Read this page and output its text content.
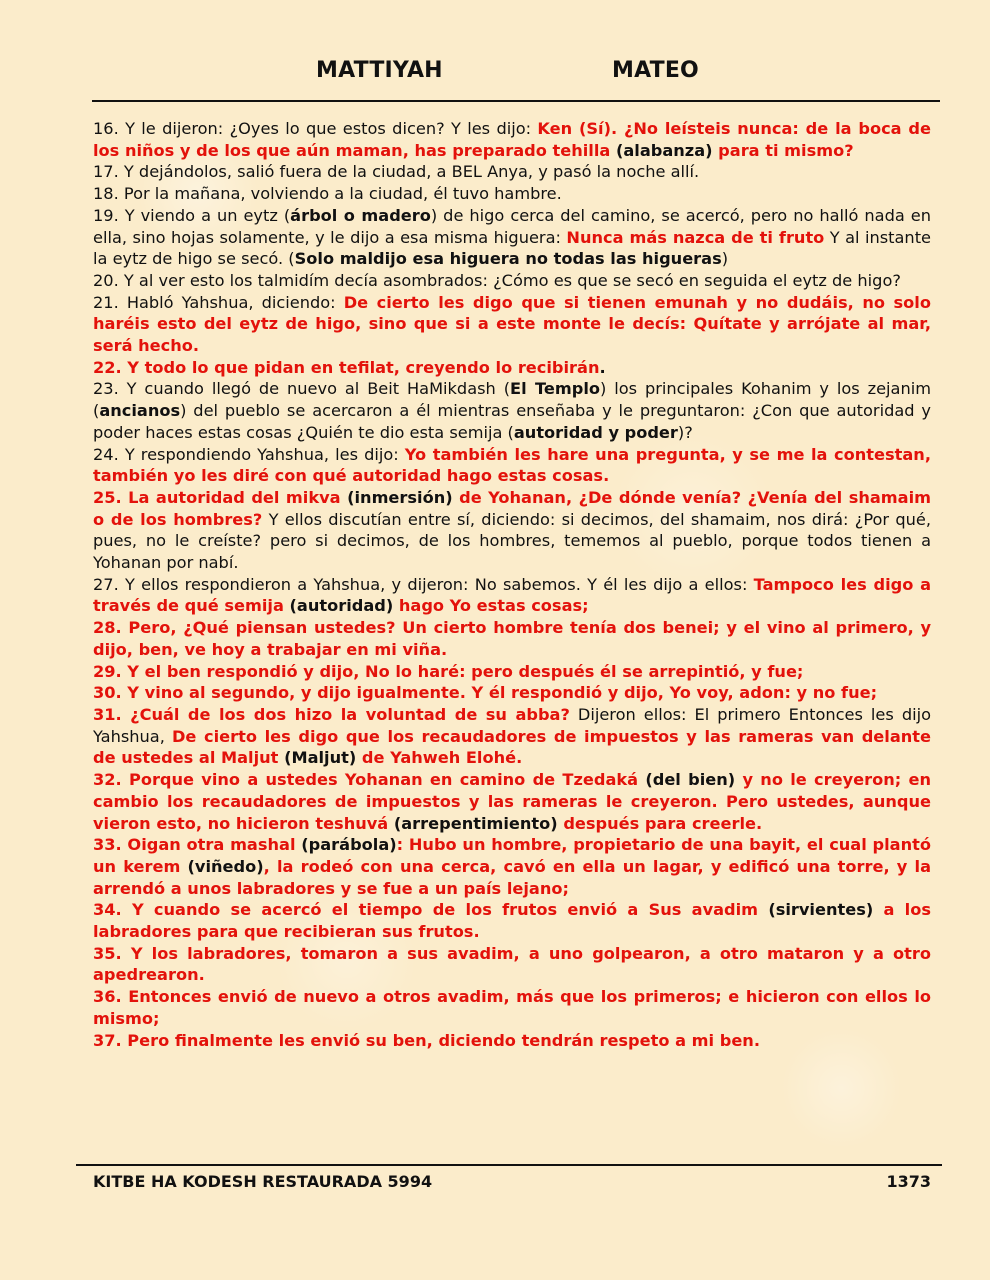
MATTIYAH	MATEO

16. Y le dijeron: ¿Oyes lo que estos dicen? Y les dijo: Ken (Sí). ¿No leísteis nunca: de la boca de los niños y de los que aún maman, has preparado tehilla (alabanza) para ti mismo?

17. Y dejándolos, salió fuera de la ciudad, a BEL Anya, y pasó la noche allí.

18. Por la mañana, volviendo a la ciudad, él tuvo hambre.

19. Y viendo a un eytz (árbol o madero) de higo cerca del camino, se acercó, pero no halló nada en ella, sino hojas solamente, y le dijo a esa misma higuera: Nunca más nazca de ti fruto Y al instante la eytz de higo se secó. (Solo maldijo esa higuera no todas las higueras)

20. Y al ver esto los talmidím decía asombrados: ¿Cómo es que se secó en seguida el eytz de higo?

21. Habló Yahshua, diciendo: De cierto les digo que si tienen emunah y no dudáis, no solo haréis esto del eytz de higo, sino que si a este monte le decís: Quítate y arrójate al mar, será hecho.

22. Y todo lo que pidan en tefilat, creyendo lo recibirán.

23. Y cuando llegó de nuevo al Beit HaMikdash (El Templo) los principales Kohanim y los zejanim (ancianos) del pueblo se acercaron a él mientras enseñaba y le preguntaron: ¿Con que autoridad y poder haces estas cosas ¿Quién te dio esta semija (autoridad y poder)?

24. Y respondiendo Yahshua, les dijo: Yo también les hare una pregunta, y se me la contestan, también yo les diré con qué autoridad hago estas cosas.

25. La autoridad del mikva (inmersión) de Yohanan, ¿De dónde venía? ¿Venía del shamaim o de los hombres? Y ellos discutían entre sí, diciendo: si decimos, del shamaim, nos dirá: ¿Por qué, pues, no le creíste? pero si decimos, de los hombres, tememos al pueblo, porque todos tienen a Yohanan por nabí.

27. Y ellos respondieron a Yahshua, y dijeron: No sabemos. Y él les dijo a ellos: Tampoco les digo a través de qué semija (autoridad) hago Yo estas cosas;

28. Pero, ¿Qué piensan ustedes? Un cierto hombre tenía dos benei; y el vino al primero, y dijo, ben, ve hoy a trabajar en mi viña.

29. Y el ben respondió y dijo, No lo haré: pero después él se arrepintió, y fue;

30. Y vino al segundo, y dijo igualmente. Y él respondió y dijo, Yo voy, adon: y no fue;

31. ¿Cuál de los dos hizo la voluntad de su abba? Dijeron ellos: El primero Entonces les dijo Yahshua, De cierto les digo que los recaudadores de impuestos y las rameras van delante de ustedes al Maljut (Maljut) de Yahweh Elohé.

32. Porque vino a ustedes Yohanan en camino de Tzedaká (del bien) y no le creyeron; en cambio los recaudadores de impuestos y las rameras le creyeron. Pero ustedes, aunque vieron esto, no hicieron teshuvá (arrepentimiento) después para creerle.

33. Oigan otra mashal (parábola): Hubo un hombre, propietario de una bayit, el cual plantó un kerem (viñedo), la rodeó con una cerca, cavó en ella un lagar, y edificó una torre, y la arrendó a unos labradores y se fue a un país lejano;

34. Y cuando se acercó el tiempo de los frutos envió a Sus avadim (sirvientes) a los labradores para que recibieran sus frutos.

35. Y los labradores, tomaron a sus avadim, a uno golpearon, a otro mataron y a otro apedrearon.

36. Entonces envió de nuevo a otros avadim, más que los primeros; e hicieron con ellos lo mismo;

37. Pero finalmente les envió su ben, diciendo tendrán respeto a mi ben.

KITBE HA KODESH RESTAURADA 5994	1373
